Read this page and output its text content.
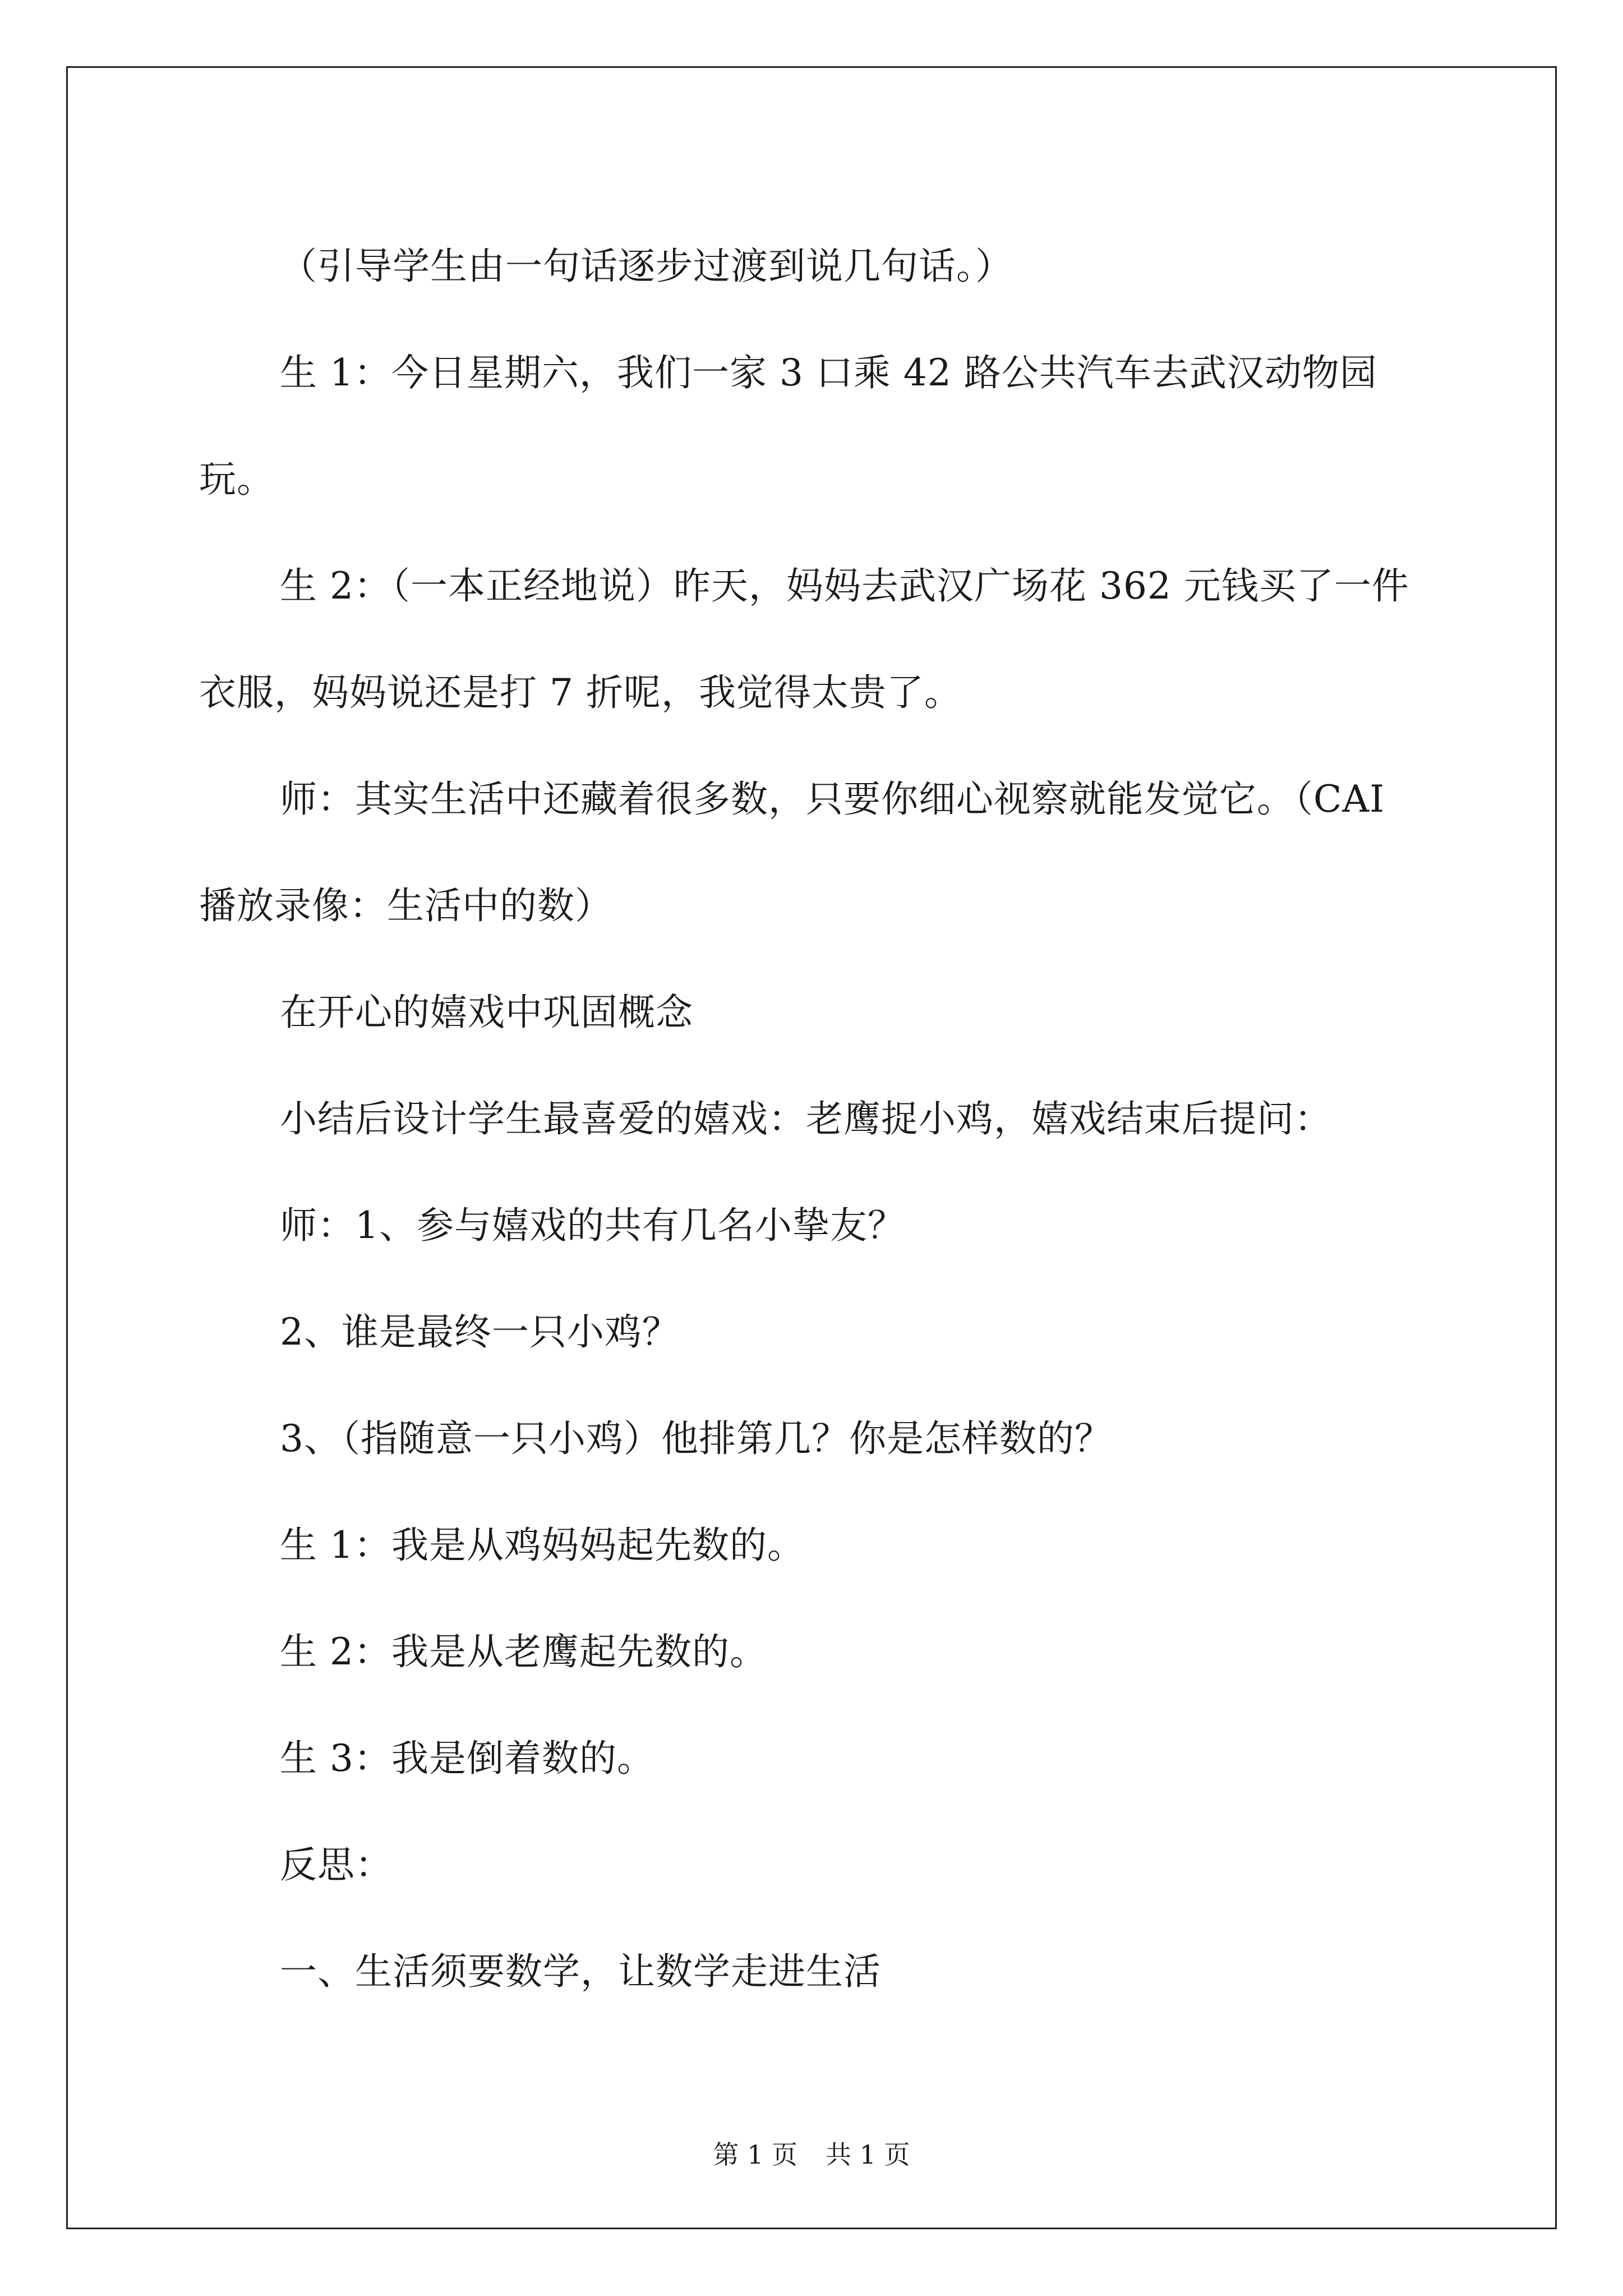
（引导学生由一句话逐步过渡到说几句话。）

生 1：今日星期六，我们一家 3 口乘 42 路公共汽车去武汉动物园玩。

生 2：（一本正经地说）昨天，妈妈去武汉广场花 362 元钱买了一件衣服，妈妈说还是打 7 折呢，我觉得太贵了。

师：其实生活中还藏着很多数，只要你细心视察就能发觉它。（CAI 播放录像：生活中的数）

在开心的嬉戏中巩固概念

小结后设计学生最喜爱的嬉戏：老鹰捉小鸡，嬉戏结束后提问：

师：1、参与嬉戏的共有几名小挚友？

2、谁是最终一只小鸡？

3、（指随意一只小鸡）他排第几？你是怎样数的？

生 1：我是从鸡妈妈起先数的。

生 2：我是从老鹰起先数的。

生 3：我是倒着数的。

反思：

一、生活须要数学，让数学走进生活

第 1 页 共 1 页
